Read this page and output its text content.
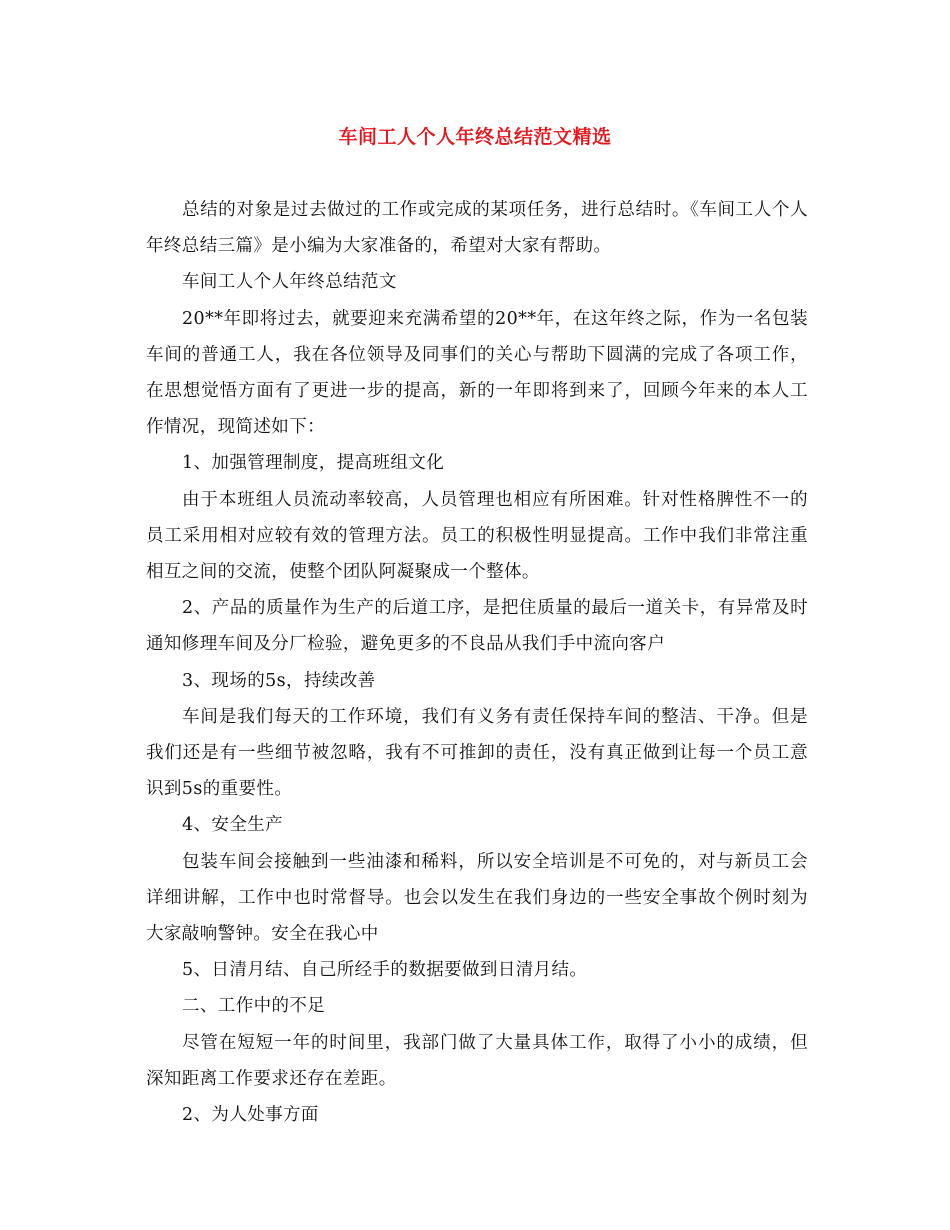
车间工人个人年终总结范文精选

总结的对象是过去做过的工作或完成的某项任务，进行总结时。《车间工人个人年终总结三篇》是小编为大家准备的，希望对大家有帮助。

车间工人个人年终总结范文

20**年即将过去，就要迎来充满希望的20**年，在这年终之际，作为一名包装车间的普通工人，我在各位领导及同事们的关心与帮助下圆满的完成了各项工作，在思想觉悟方面有了更进一步的提高，新的一年即将到来了，回顾今年来的本人工作情况，现简述如下：

1、加强管理制度，提高班组文化

由于本班组人员流动率较高，人员管理也相应有所困难。针对性格脾性不一的员工采用相对应较有效的管理方法。员工的积极性明显提高。工作中我们非常注重相互之间的交流，使整个团队阿凝聚成一个整体。

2、产品的质量作为生产的后道工序，是把住质量的最后一道关卡，有异常及时通知修理车间及分厂检验，避免更多的不良品从我们手中流向客户

3、现场的5s，持续改善

车间是我们每天的工作环境，我们有义务有责任保持车间的整洁、干净。但是我们还是有一些细节被忽略，我有不可推卸的责任，没有真正做到让每一个员工意识到5s的重要性。

4、安全生产

包装车间会接触到一些油漆和稀料，所以安全培训是不可免的，对与新员工会详细讲解，工作中也时常督导。也会以发生在我们身边的一些安全事故个例时刻为大家敲响警钟。安全在我心中

5、日清月结、自己所经手的数据要做到日清月结。

二、工作中的不足

尽管在短短一年的时间里，我部门做了大量具体工作，取得了小小的成绩，但深知距离工作要求还存在差距。

2、为人处事方面
